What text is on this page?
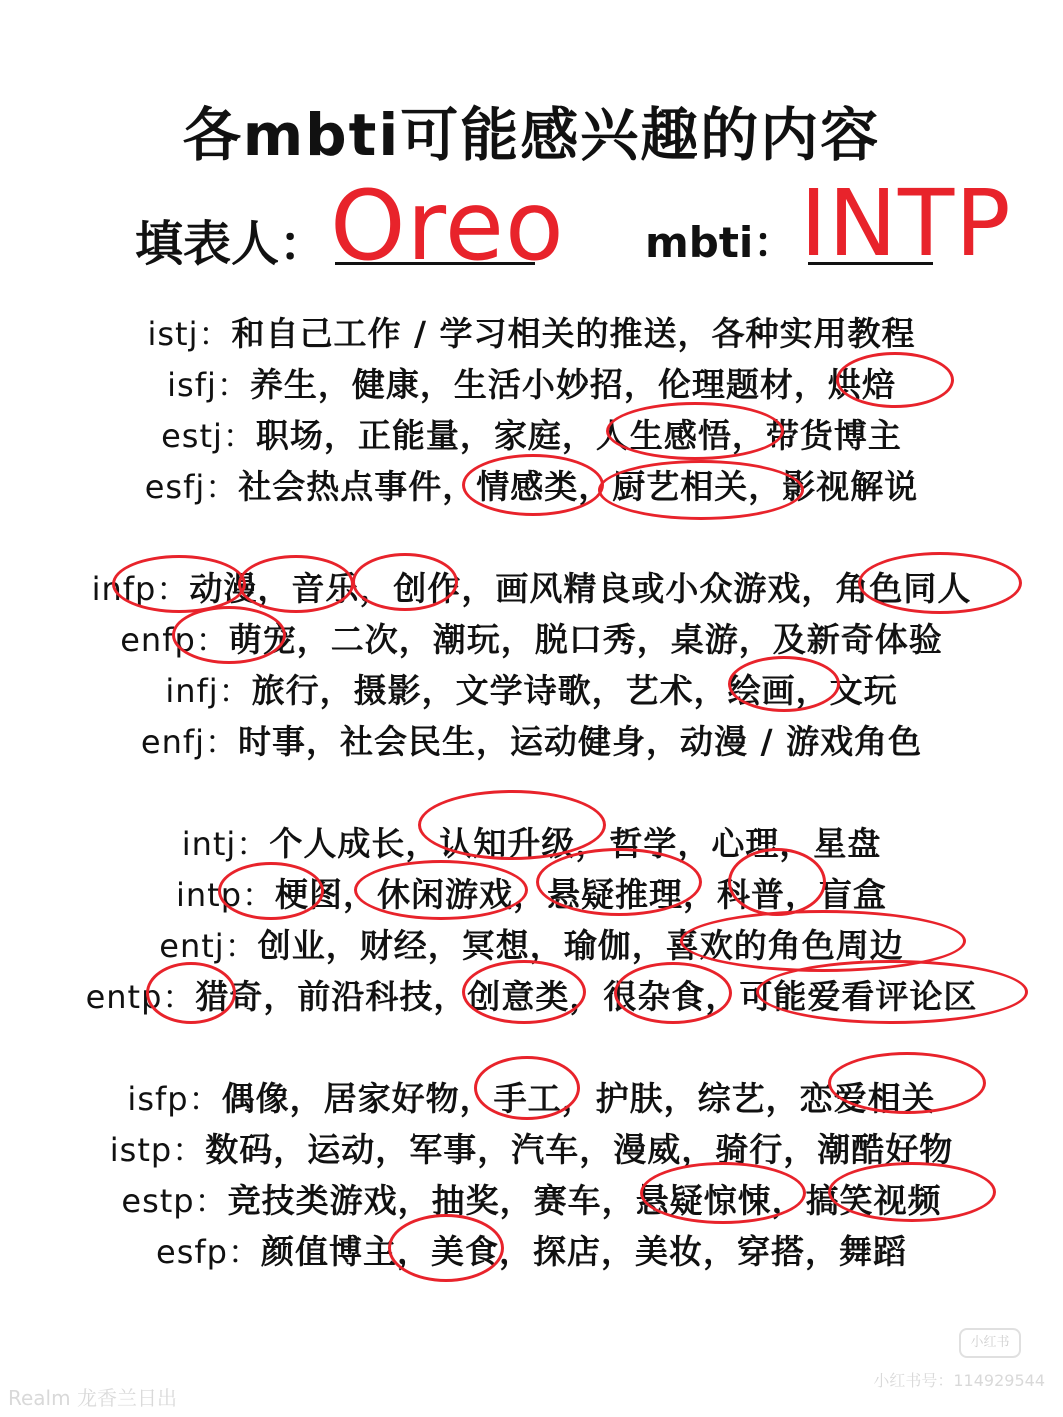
各mbti可能感兴趣的内容
填表人： Oreo mbti： INTP
istj：和自己工作 / 学习相关的推送，各种实用教程
isfj：养生，健康，生活小妙招，伦理题材，烘焙
estj：职场，正能量，家庭，人生感悟，带货博主
esfj：社会热点事件，情感类，厨艺相关，影视解说
infp：动漫，音乐，创作，画风精良或小众游戏，角色同人
enfp：萌宠，二次，潮玩，脱口秀，桌游，及新奇体验
infj：旅行，摄影，文学诗歌，艺术，绘画，文玩
enfj：时事，社会民生，运动健身，动漫 / 游戏角色
intj：个人成长，认知升级，哲学，心理，星盘
intp：梗图，休闲游戏，悬疑推理，科普，盲盒
entj：创业，财经，冥想，瑜伽，喜欢的角色周边
entp：猎奇，前沿科技，创意类，很杂食，可能爱看评论区
isfp：偶像，居家好物，手工，护肤，综艺，恋爱相关
istp：数码，运动，军事，汽车，漫威，骑行，潮酷好物
estp：竞技类游戏，抽奖，赛车，悬疑惊悚，搞笑视频
esfp：颜值博主，美食，探店，美妆，穿搭，舞蹈
Realm 龙香兰日出
小红书号：114929544
小红书
